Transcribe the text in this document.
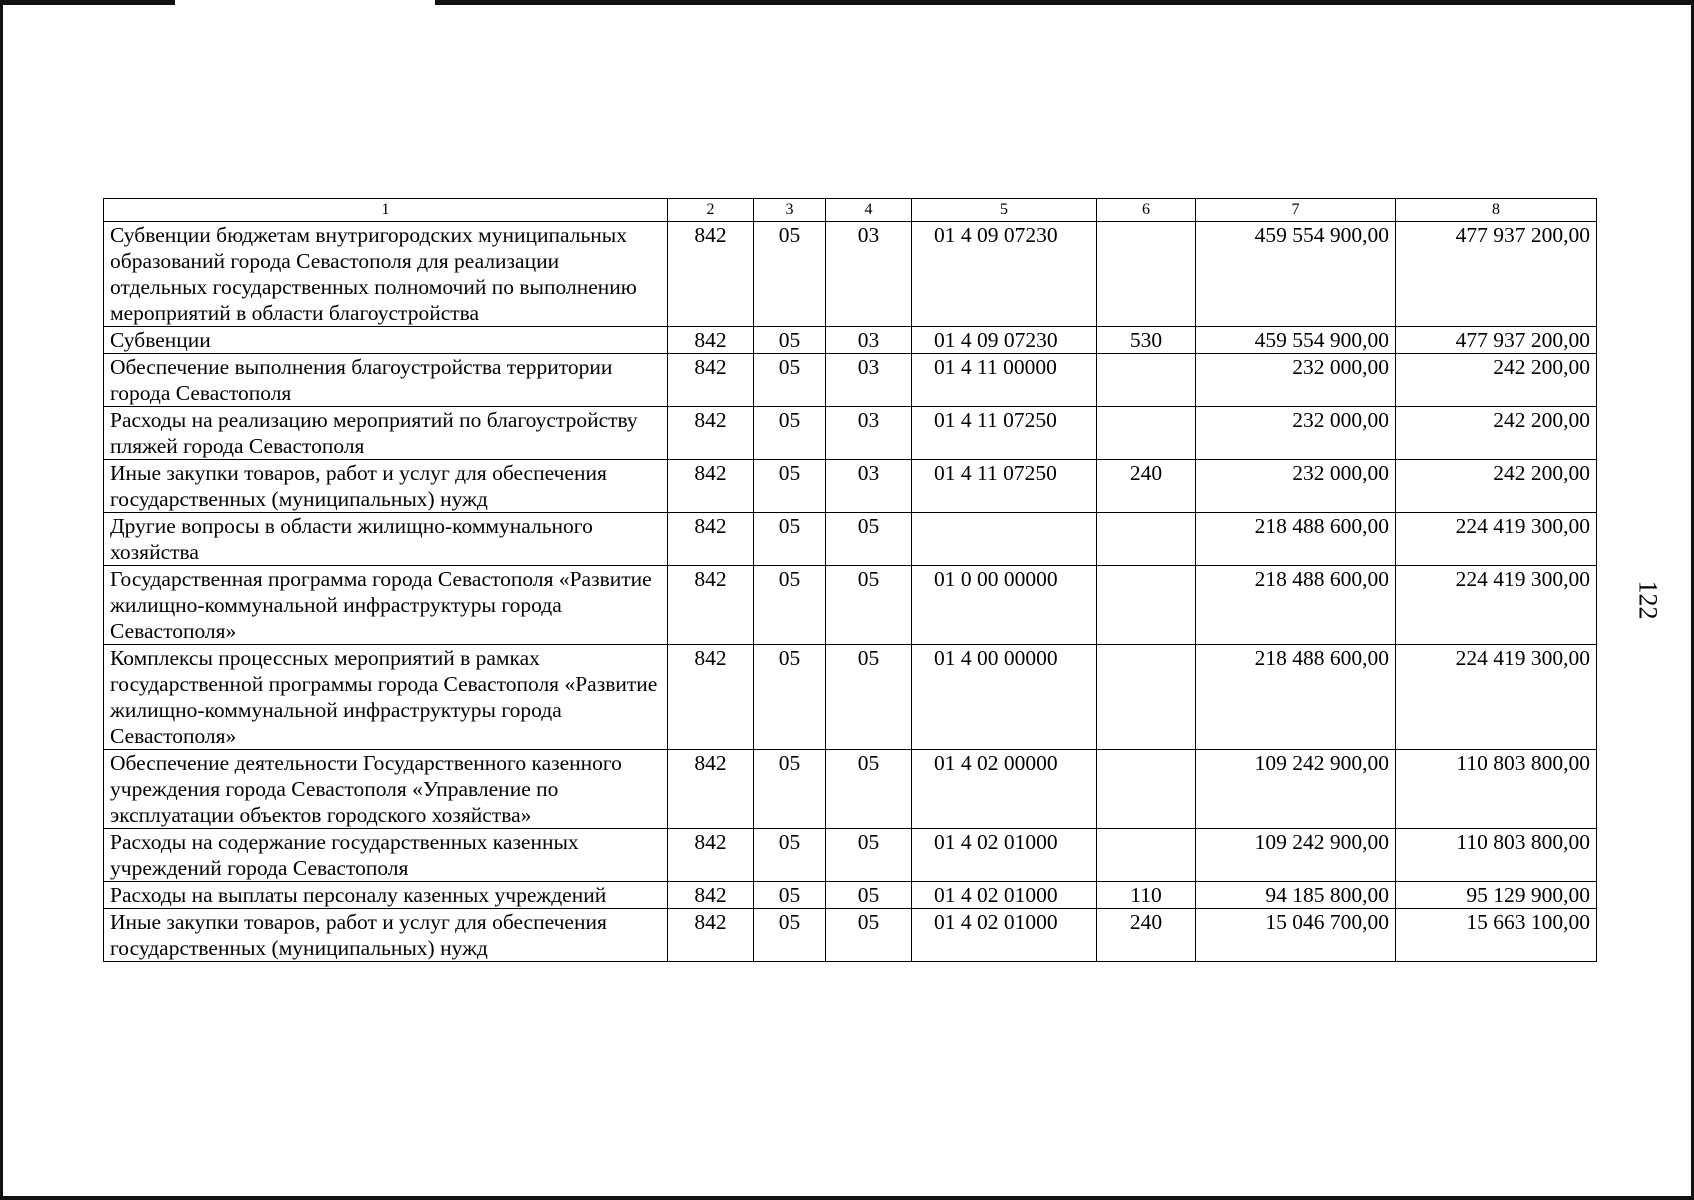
1	2	3	4	5	6	7	8
Субвенции бюджетам внутригородских муниципальных образований города Севастополя для реализации отдельных государственных полномочий по выполнению мероприятий в области благоустройства	842	05	03	01 4 09 07230		459 554 900,00	477 937 200,00
Субвенции	842	05	03	01 4 09 07230	530	459 554 900,00	477 937 200,00
Обеспечение выполнения благоустройства территории города Севастополя	842	05	03	01 4 11 00000		232 000,00	242 200,00
Расходы на реализацию мероприятий по благоустройству пляжей города Севастополя	842	05	03	01 4 11 07250		232 000,00	242 200,00
Иные закупки товаров, работ и услуг для обеспечения государственных (муниципальных) нужд	842	05	03	01 4 11 07250	240	232 000,00	242 200,00
Другие вопросы в области жилищно-коммунального хозяйства	842	05	05			218 488 600,00	224 419 300,00
Государственная программа города Севастополя «Развитие жилищно-коммунальной инфраструктуры города Севастополя»	842	05	05	01 0 00 00000		218 488 600,00	224 419 300,00
Комплексы процессных мероприятий в рамках государственной программы города Севастополя «Развитие жилищно-коммунальной инфраструктуры города Севастополя»	842	05	05	01 4 00 00000		218 488 600,00	224 419 300,00
Обеспечение деятельности Государственного казенного учреждения города Севастополя «Управление по эксплуатации объектов городского хозяйства»	842	05	05	01 4 02 00000		109 242 900,00	110 803 800,00
Расходы на содержание государственных казенных учреждений города Севастополя	842	05	05	01 4 02 01000		109 242 900,00	110 803 800,00
Расходы на выплаты персоналу казенных учреждений	842	05	05	01 4 02 01000	110	94 185 800,00	95 129 900,00
Иные закупки товаров, работ и услуг для обеспечения государственных (муниципальных) нужд	842	05	05	01 4 02 01000	240	15 046 700,00	15 663 100,00
122
